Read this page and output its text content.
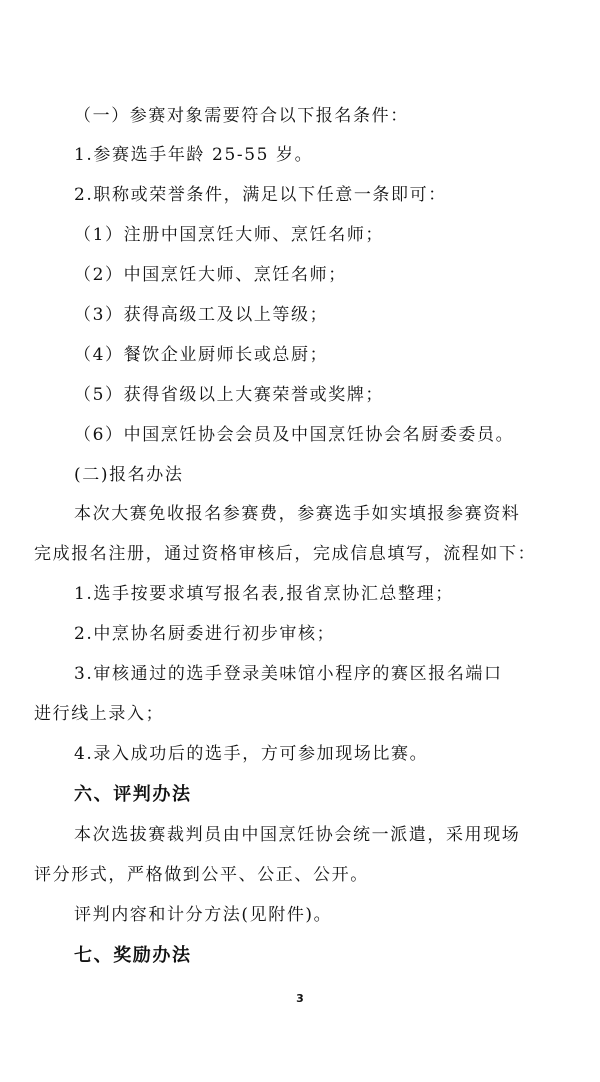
（一）参赛对象需要符合以下报名条件：
1.参赛选手年龄 25-55 岁。
2.职称或荣誉条件，满足以下任意一条即可：
（1）注册中国烹饪大师、烹饪名师；
（2）中国烹饪大师、烹饪名师；
（3）获得高级工及以上等级；
（4）餐饮企业厨师长或总厨；
（5）获得省级以上大赛荣誉或奖牌；
（6）中国烹饪协会会员及中国烹饪协会名厨委委员。
(二)报名办法
本次大赛免收报名参赛费，参赛选手如实填报参赛资料
完成报名注册，通过资格审核后，完成信息填写，流程如下：
1.选手按要求填写报名表,报省烹协汇总整理；
2.中烹协名厨委进行初步审核；
3.审核通过的选手登录美味馆小程序的赛区报名端口
进行线上录入；
4.录入成功后的选手，方可参加现场比赛。
六、评判办法
本次选拔赛裁判员由中国烹饪协会统一派遣，采用现场
评分形式，严格做到公平、公正、公开。
评判内容和计分方法(见附件)。
七、奖励办法
3
